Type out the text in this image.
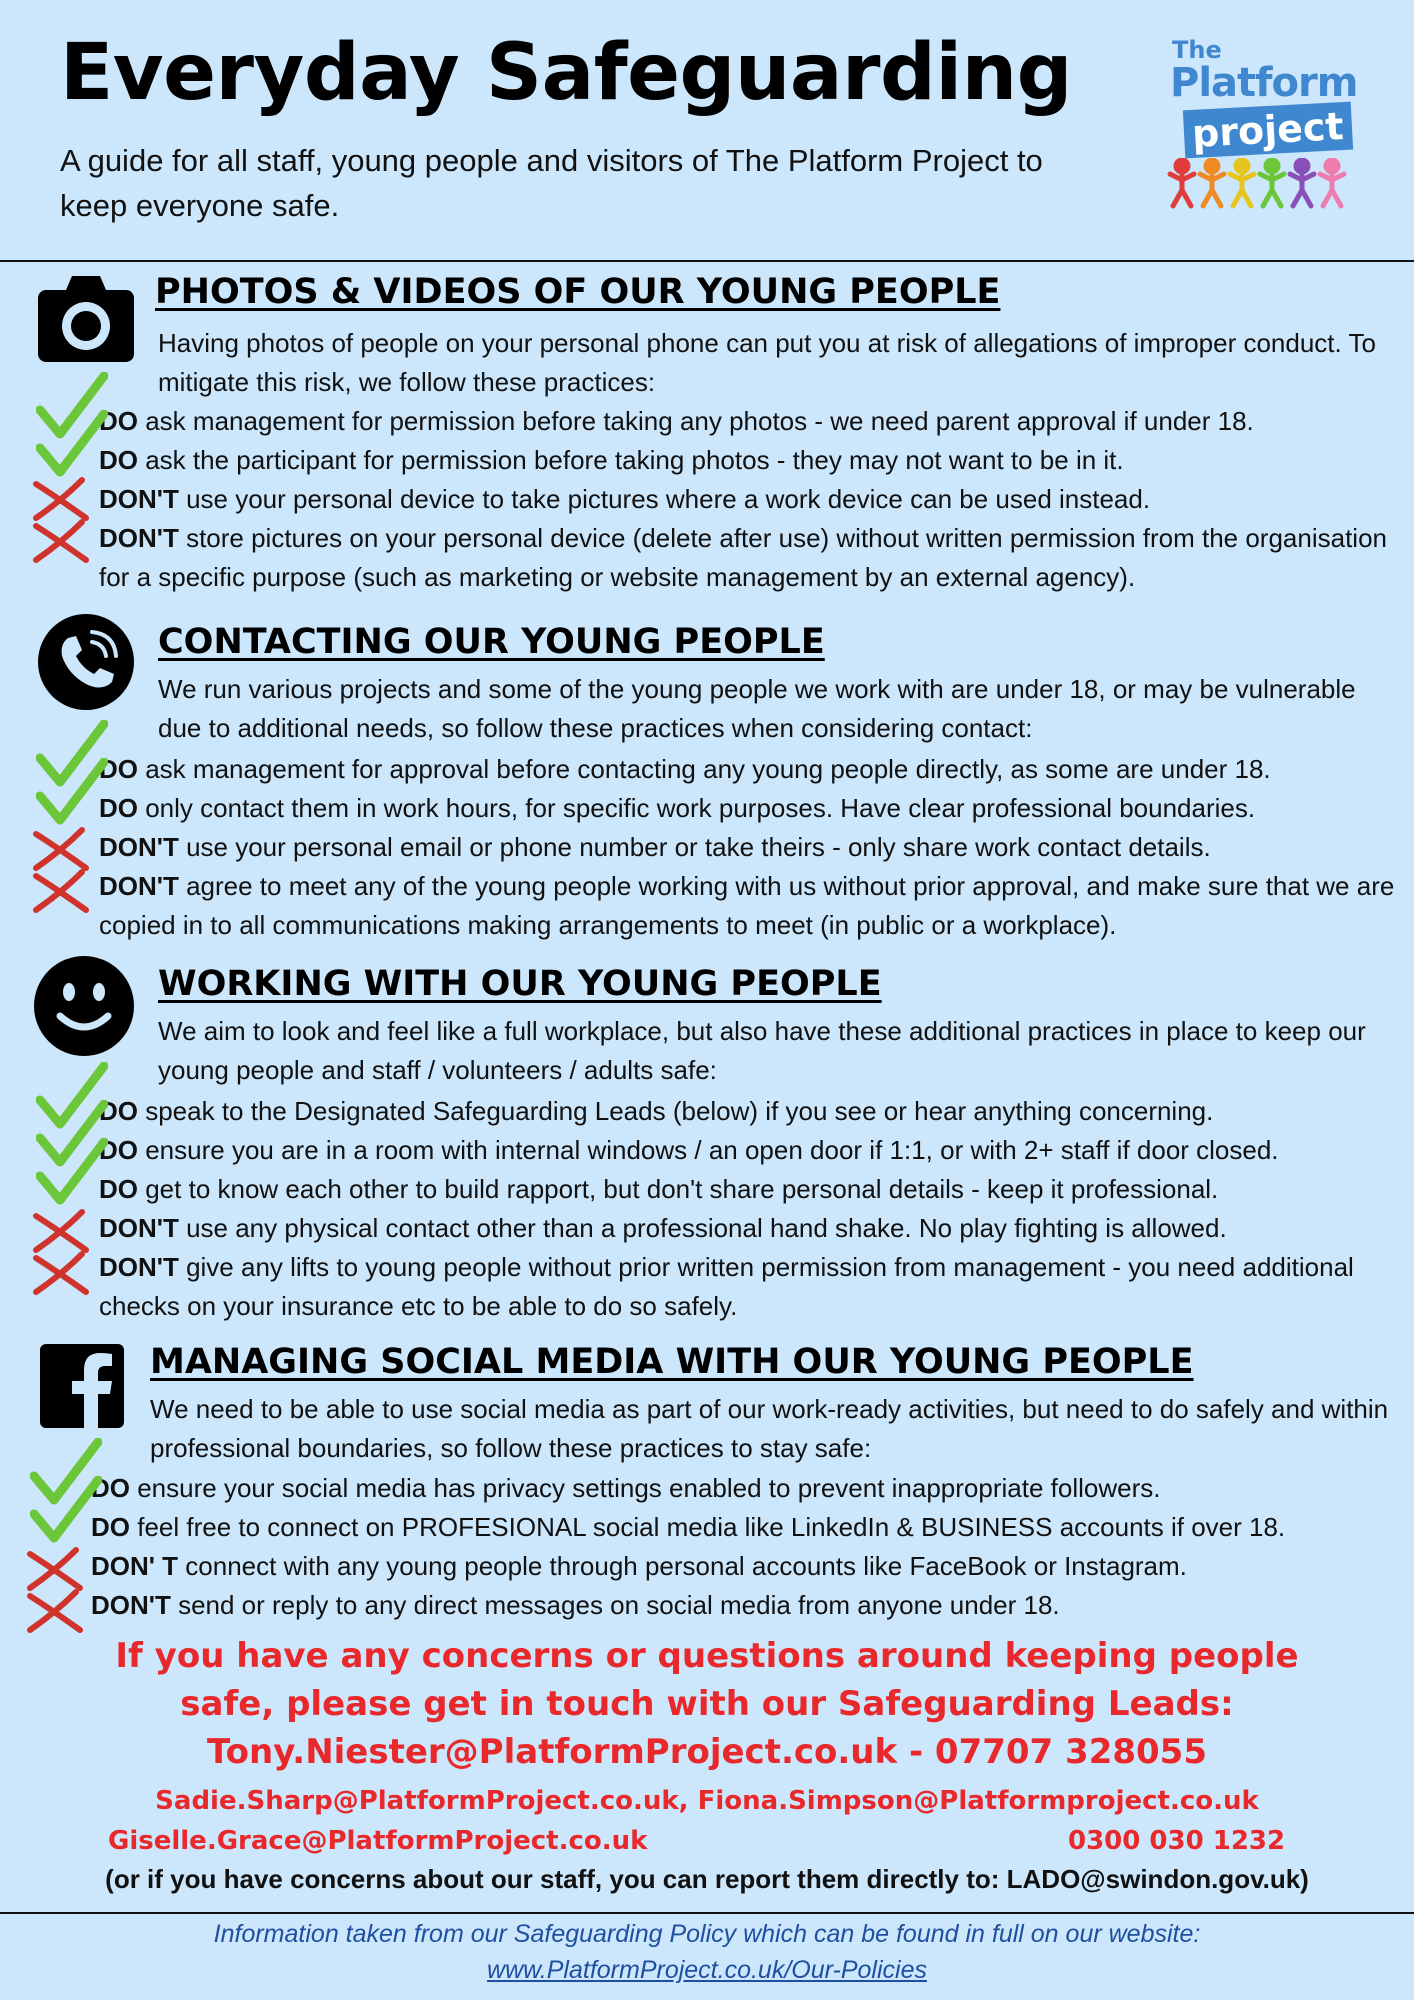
Everyday Safeguarding
A guide for all staff, young people and visitors of The Platform Project to keep everyone safe.
The
Platform
project
PHOTOS & VIDEOS OF OUR YOUNG PEOPLE
Having photos of people on your personal phone can put you at risk of allegations of improper conduct. To mitigate this risk, we follow these practices:
DO ask management for permission before taking any photos - we need parent approval if under 18.
DO ask the participant for permission before taking photos - they may not want to be in it.
DON'T use your personal device to take pictures where a work device can be used instead.
DON'T store pictures on your personal device (delete after use) without written permission from the organisation for a specific purpose (such as marketing or website management by an external agency).
CONTACTING OUR YOUNG PEOPLE
We run various projects and some of the young people we work with are under 18, or may be vulnerable due to additional needs, so follow these practices when considering contact:
DO ask management for approval before contacting any young people directly, as some are under 18.
DO only contact them in work hours, for specific work purposes. Have clear professional boundaries.
DON'T use your personal email or phone number or take theirs - only share work contact details.
DON'T agree to meet any of the young people working with us without prior approval, and make sure that we are copied in to all communications making arrangements to meet (in public or a workplace).
WORKING WITH OUR YOUNG PEOPLE
We aim to look and feel like a full workplace, but also have these additional practices in place to keep our young people and staff / volunteers / adults safe:
DO speak to the Designated Safeguarding Leads (below) if you see or hear anything concerning.
DO ensure you are in a room with internal windows / an open door if 1:1, or with 2+ staff if door closed.
DO get to know each other to build rapport, but don't share personal details - keep it professional.
DON'T use any physical contact other than a professional hand shake. No play fighting is allowed.
DON'T give any lifts to young people without prior written permission from management - you need additional checks on your insurance etc to be able to do so safely.
MANAGING SOCIAL MEDIA WITH OUR YOUNG PEOPLE
We need to be able to use social media as part of our work-ready activities, but need to do safely and within professional boundaries, so follow these practices to stay safe:
DO ensure your social media has privacy settings enabled to prevent inappropriate followers.
DO feel free to connect on PROFESIONAL social media like LinkedIn & BUSINESS accounts if over 18.
DON' T connect with any young people through personal accounts like FaceBook or Instagram.
DON'T send or reply to any direct messages on social media from anyone under 18.
If you have any concerns or questions around keeping people
safe, please get in touch with our Safeguarding Leads:
Tony.Niester@PlatformProject.co.uk - 07707 328055
Sadie.Sharp@PlatformProject.co.uk, Fiona.Simpson@Platformproject.co.uk
Giselle.Grace@PlatformProject.co.uk	0300 030 1232
(or if you have concerns about our staff, you can report them directly to: LADO@swindon.gov.uk)
Information taken from our Safeguarding Policy which can be found in full on our website:
www.PlatformProject.co.uk/Our-Policies
